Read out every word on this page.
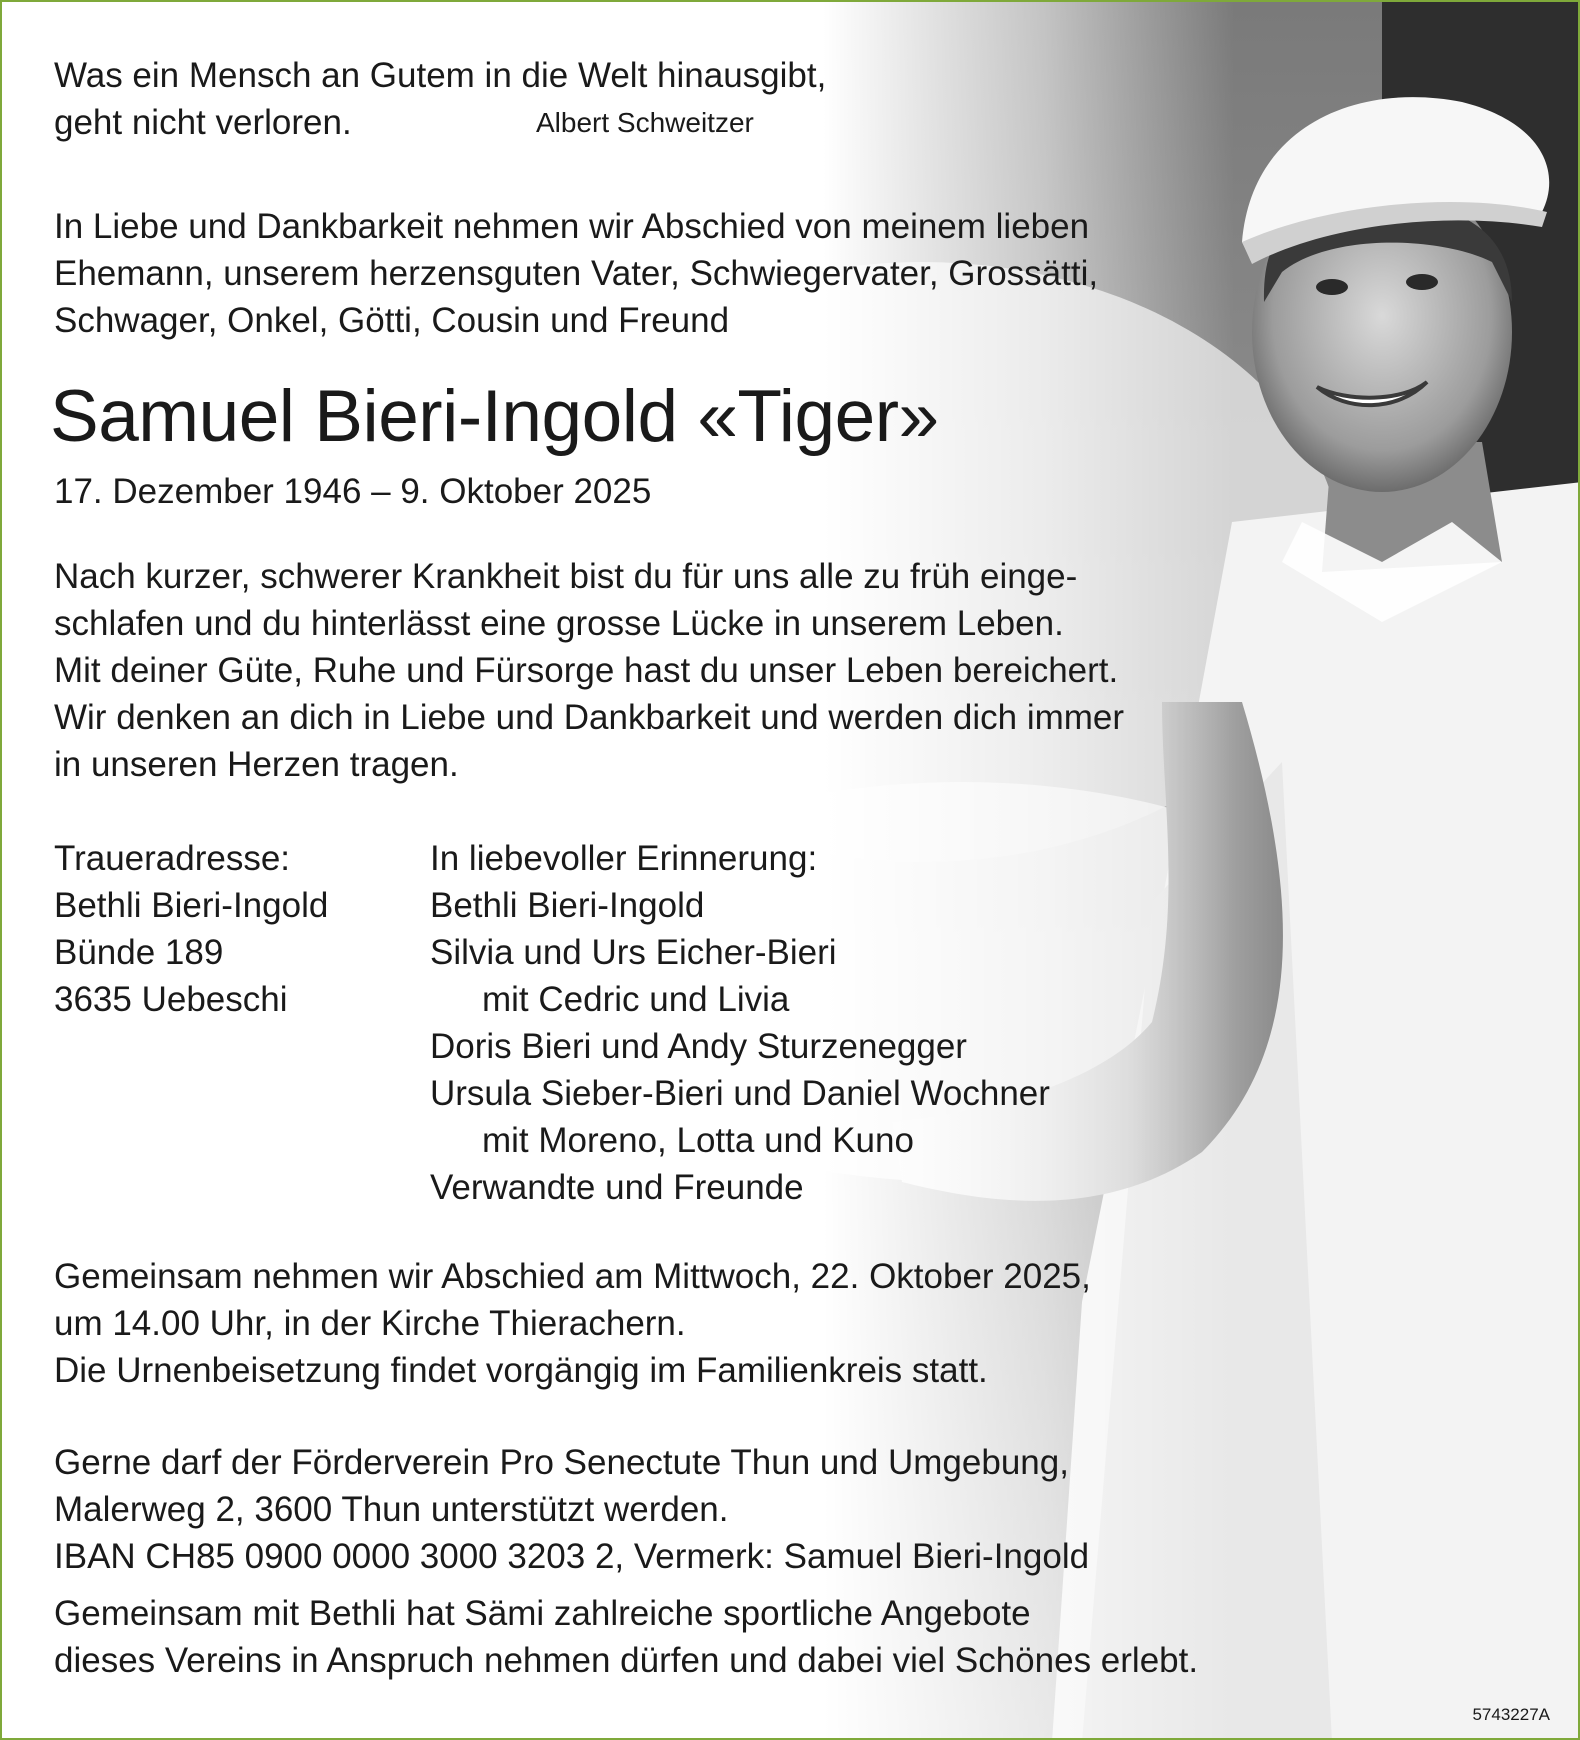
Was ein Mensch an Gutem in die Welt hinausgibt,
geht nicht verloren.	Albert Schweitzer
In Liebe und Dankbarkeit nehmen wir Abschied von meinem lieben
Ehemann, unserem herzensguten Vater, Schwiegervater, Grossätti,
Schwager, Onkel, Götti, Cousin und Freund
Samuel Bieri-Ingold «Tiger»
17. Dezember 1946 – 9. Oktober 2025
Nach kurzer, schwerer Krankheit bist du für uns alle zu früh einge-
schlafen und du hinterlässt eine grosse Lücke in unserem Leben.
Mit deiner Güte, Ruhe und Fürsorge hast du unser Leben bereichert.
Wir denken an dich in Liebe und Dankbarkeit und werden dich immer
in unseren Herzen tragen.
Traueradresse:
Bethli Bieri-Ingold
Bünde 189
3635 Uebeschi
In liebevoller Erinnerung:
Bethli Bieri-Ingold
Silvia und Urs Eicher-Bieri
mit Cedric und Livia
Doris Bieri und Andy Sturzenegger
Ursula Sieber-Bieri und Daniel Wochner
mit Moreno, Lotta und Kuno
Verwandte und Freunde
Gemeinsam nehmen wir Abschied am Mittwoch, 22. Oktober 2025,
um 14.00 Uhr, in der Kirche Thierachern.
Die Urnenbeisetzung findet vorgängig im Familienkreis statt.
Gerne darf der Förderverein Pro Senectute Thun und Umgebung,
Malerweg 2, 3600 Thun unterstützt werden.
IBAN CH85 0900 0000 3000 3203 2, Vermerk: Samuel Bieri-Ingold
Gemeinsam mit Bethli hat Sämi zahlreiche sportliche Angebote
dieses Vereins in Anspruch nehmen dürfen und dabei viel Schönes erlebt.
5743227A
